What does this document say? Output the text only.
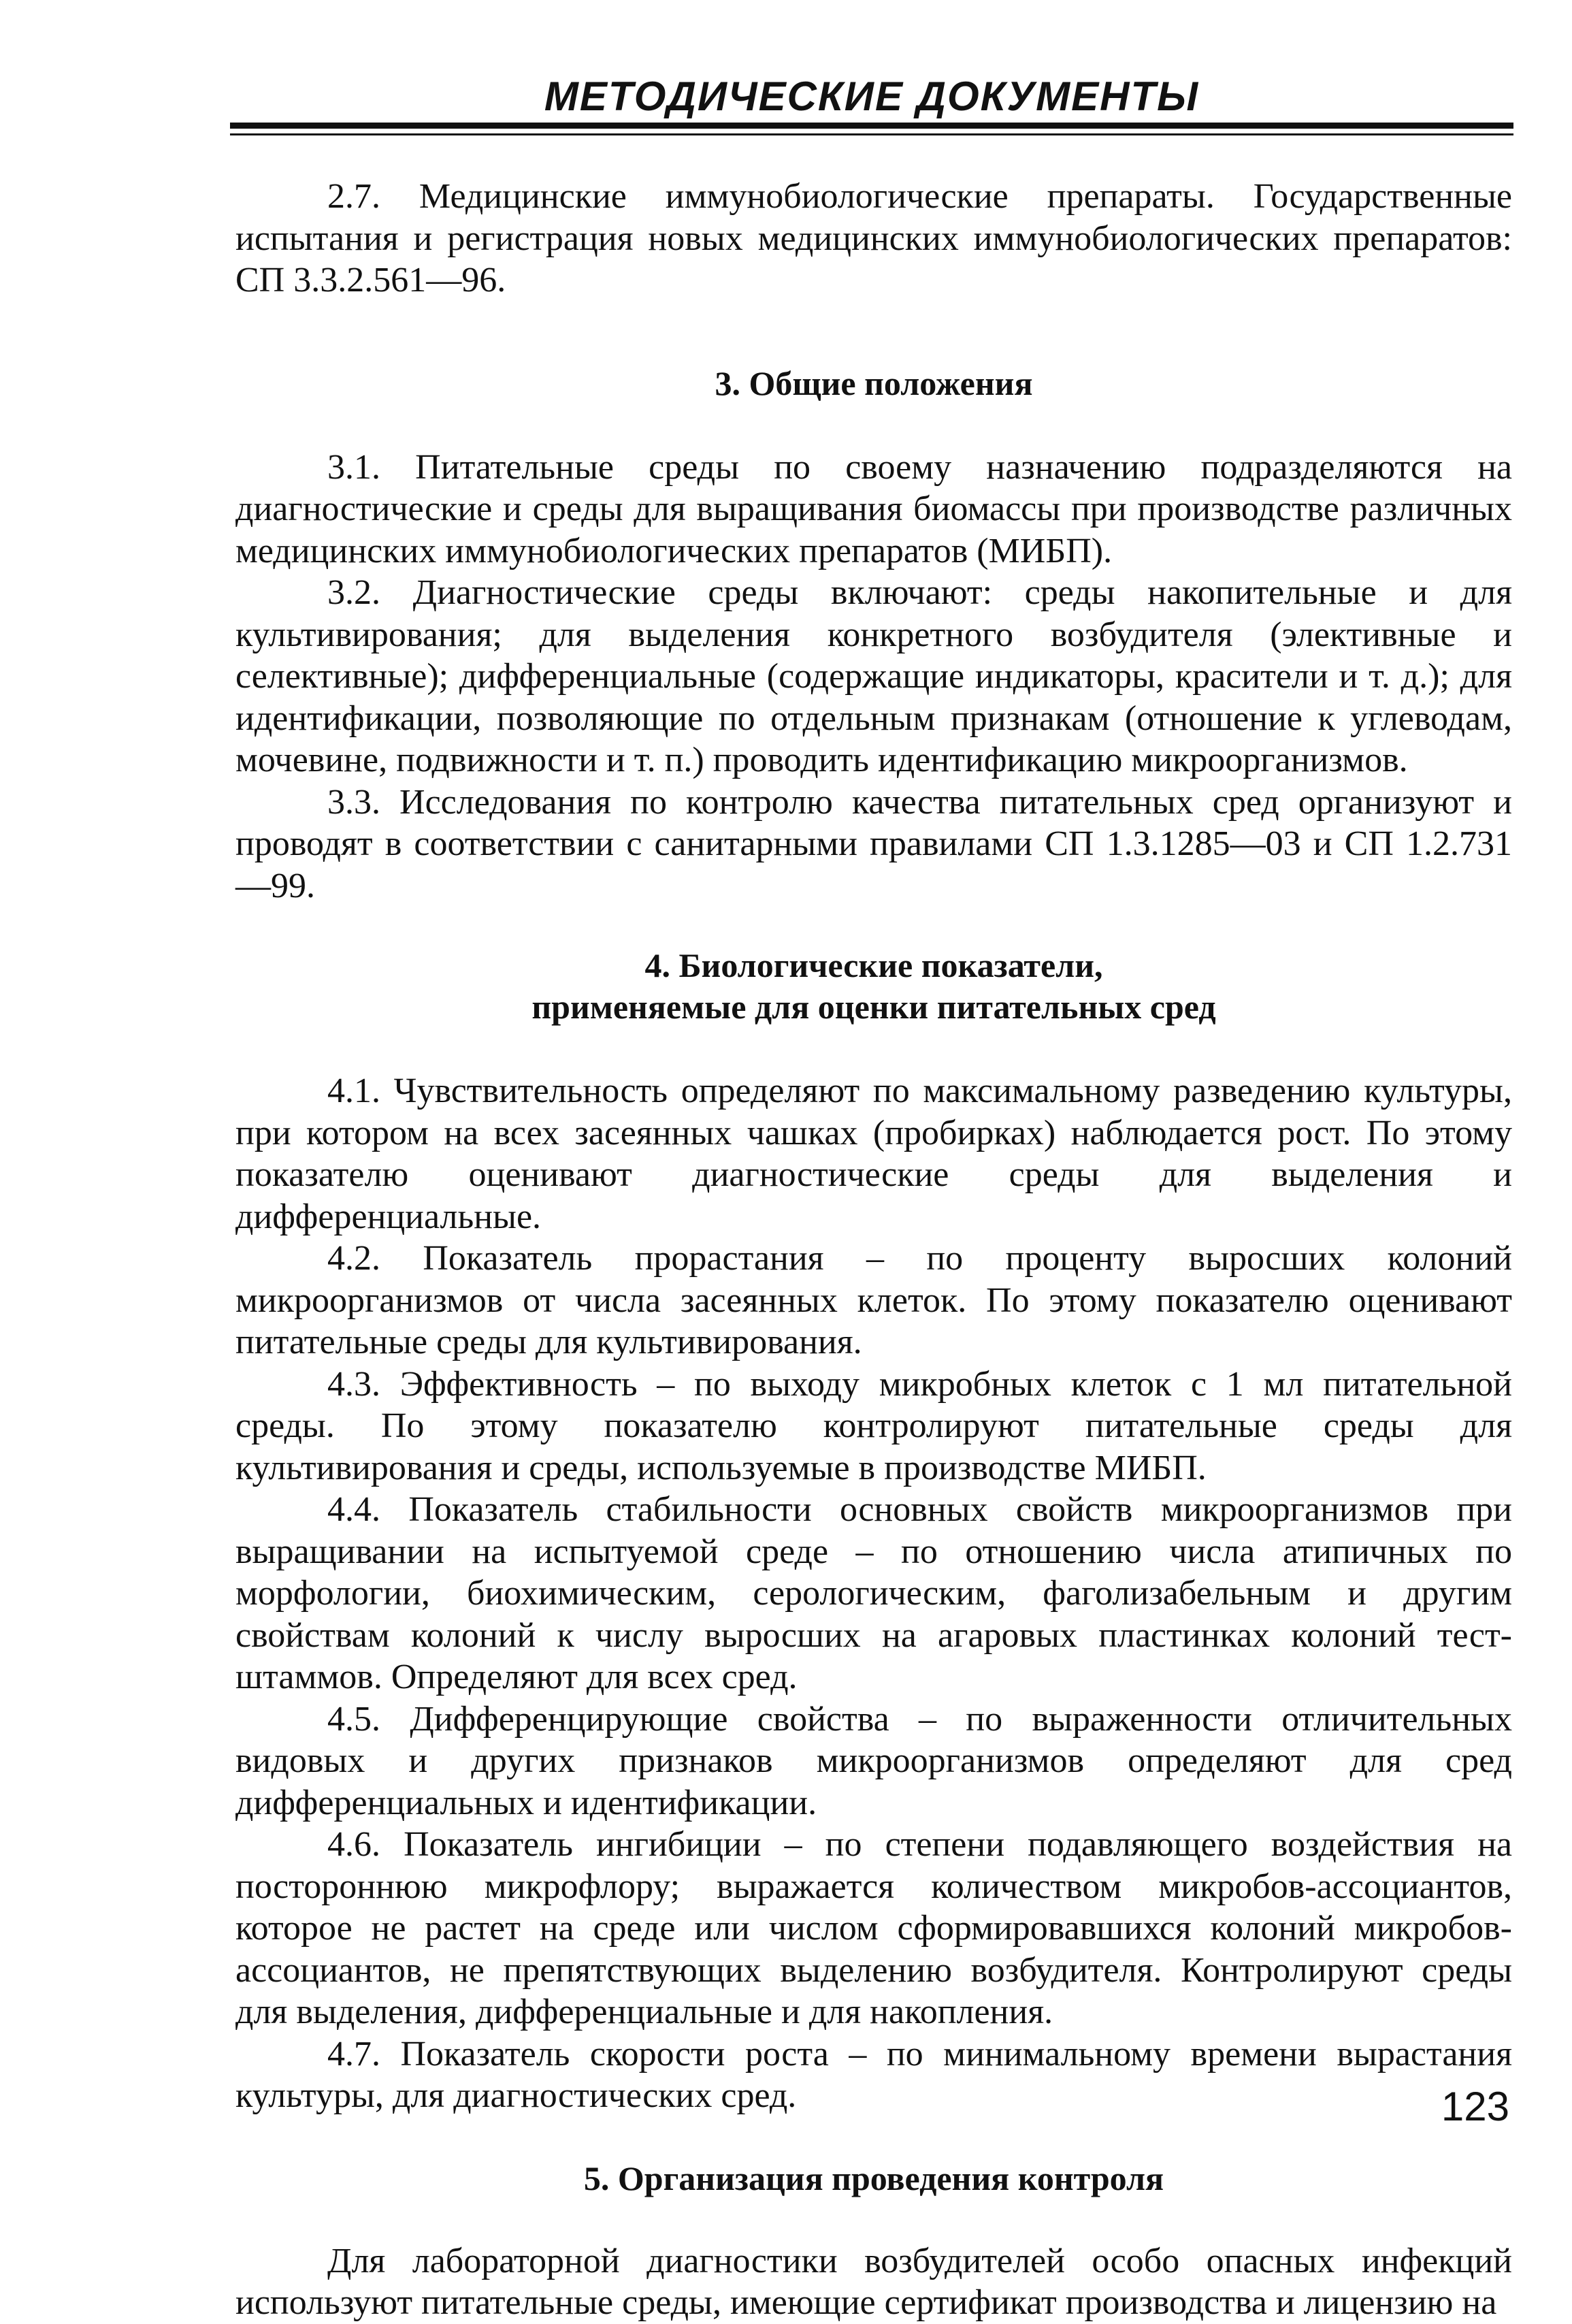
МЕТОДИЧЕСКИЕ ДОКУМЕНТЫ

2.7. Медицинские иммунобиологические препараты. Государственные испытания и регистрация новых медицинских иммунобиологических препаратов: СП 3.3.2.561—96.

3. Общие положения

3.1. Питательные среды по своему назначению подразделяются на диагностические и среды для выращивания биомассы при производстве различных медицинских иммунобиологических препаратов (МИБП).

3.2. Диагностические среды включают: среды накопительные и для культивирования; для выделения конкретного возбудителя (элективные и селективные); дифференциальные (содержащие индикаторы, красители и т. д.); для идентификации, позволяющие по отдельным признакам (отношение к углеводам, мочевине, подвижности и т. п.) проводить идентификацию микроорганизмов.

3.3. Исследования по контролю качества питательных сред организуют и проводят в соответствии с санитарными правилами СП 1.3.1285—03 и СП 1.2.731—99.

4. Биологические показатели,
применяемые для оценки питательных сред

4.1. Чувствительность определяют по максимальному разведению культуры, при котором на всех засеянных чашках (пробирках) наблюдается рост. По этому показателю оценивают диагностические среды для выделения и дифференциальные.

4.2. Показатель прорастания – по проценту выросших колоний микроорганизмов от числа засеянных клеток. По этому показателю оценивают питательные среды для культивирования.

4.3. Эффективность – по выходу микробных клеток с 1 мл питательной среды. По этому показателю контролируют питательные среды для культивирования и среды, используемые в производстве МИБП.

4.4. Показатель стабильности основных свойств микроорганизмов при выращивании на испытуемой среде – по отношению числа атипичных по морфологии, биохимическим, серологическим, фаголизабельным и другим свойствам колоний к числу выросших на агаровых пластинках колоний тест-штаммов. Определяют для всех сред.

4.5. Дифференцирующие свойства – по выраженности отличительных видовых и других признаков микроорганизмов определяют для сред дифференциальных и идентификации.

4.6. Показатель ингибиции – по степени подавляющего воздействия на постороннюю микрофлору; выражается количеством микробов-ассоциантов, которое не растет на среде или числом сформировавшихся колоний микробов-ассоциантов, не препятствующих выделению возбудителя. Контролируют среды для выделения, дифференциальные и для накопления.

4.7. Показатель скорости роста – по минимальному времени вырастания культуры, для диагностических сред.

5. Организация проведения контроля

Для лабораторной диагностики возбудителей особо опасных инфекций используют питательные среды, имеющие сертификат производства и лицензию на

123
